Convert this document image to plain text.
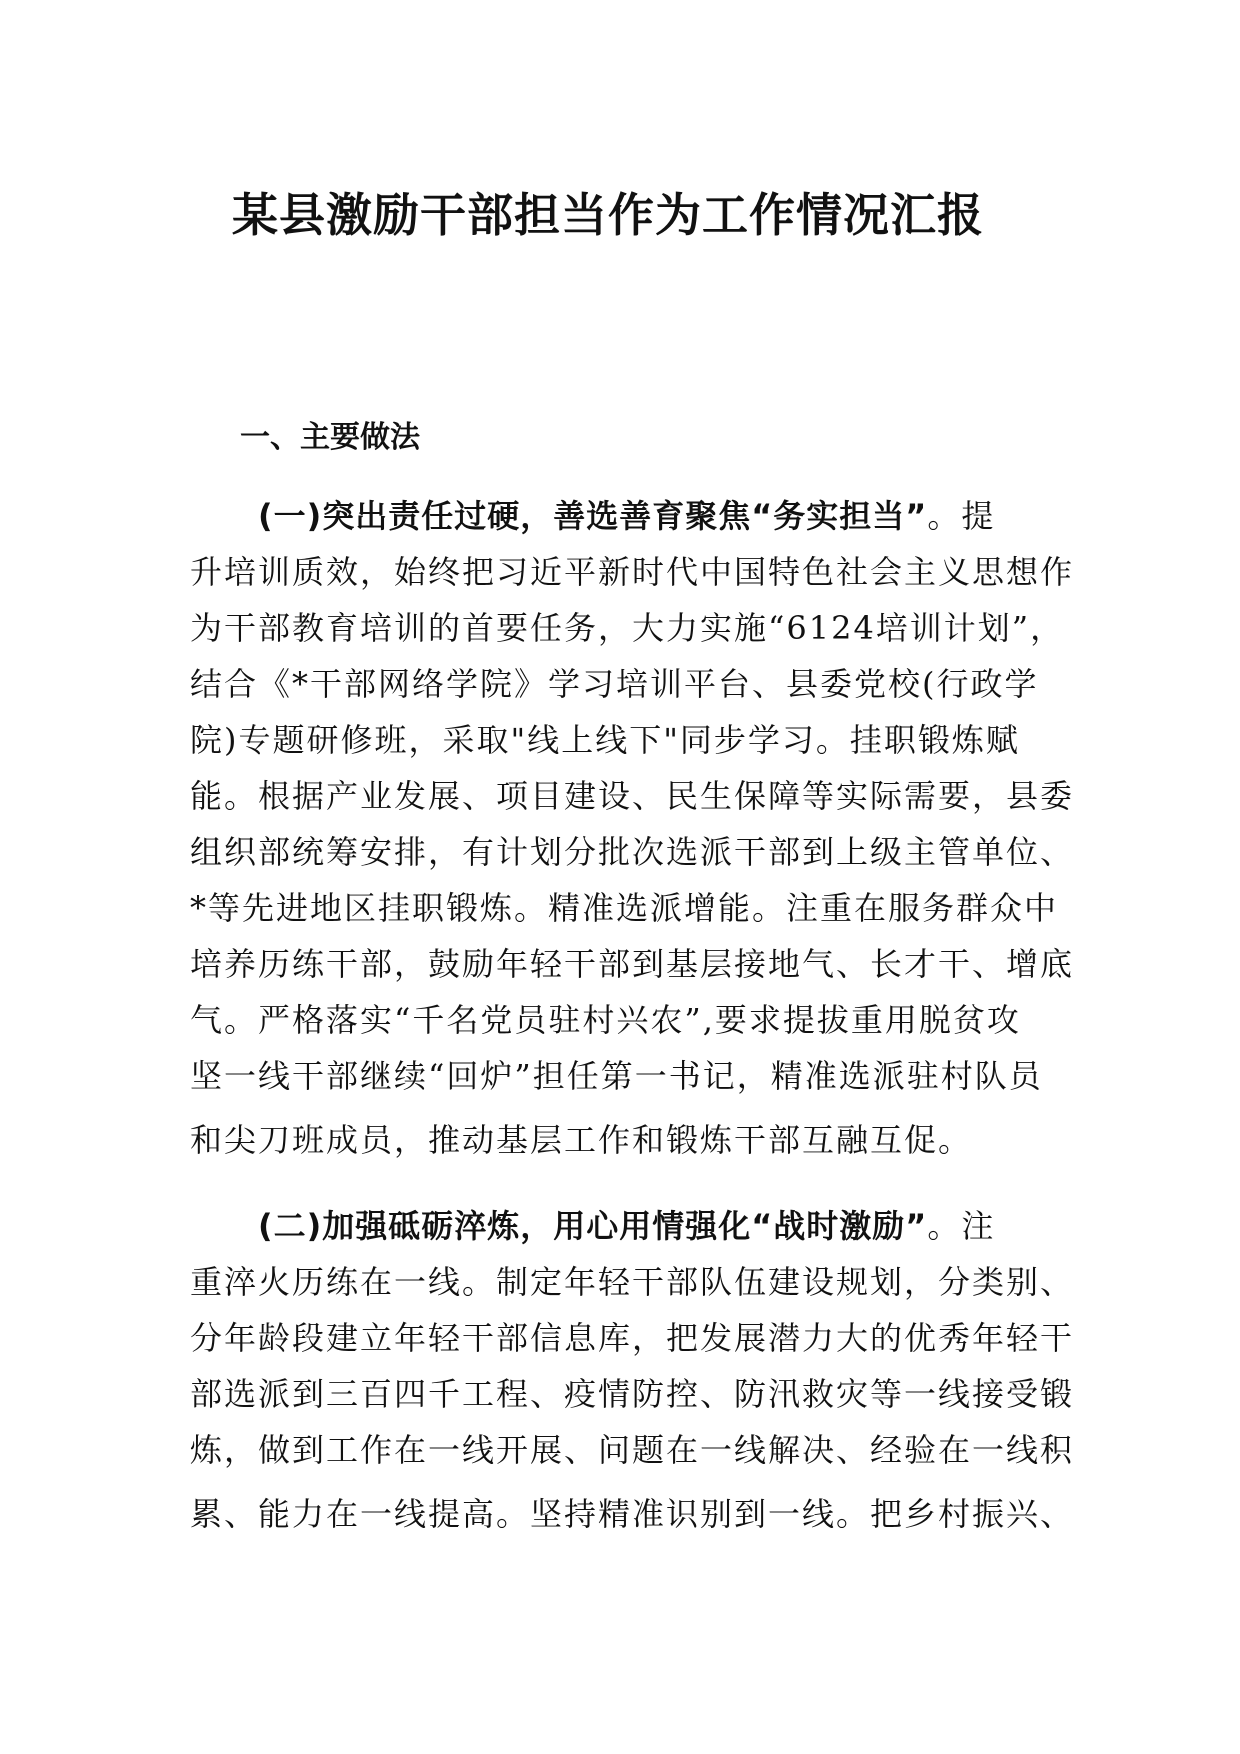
某县激励干部担当作为工作情况汇报
一、主要做法
(一)突出责任过硬，善选善育聚焦“务实担当”。提
升培训质效，始终把习近平新时代中国特色社会主义思想作
为干部教育培训的首要任务，大力实施“6124培训计划”，
结合《*干部网络学院》学习培训平台、县委党校(行政学
院)专题研修班，采取"线上线下"同步学习。挂职锻炼赋
能。根据产业发展、项目建设、民生保障等实际需要，县委
组织部统筹安排，有计划分批次选派干部到上级主管单位、
*等先进地区挂职锻炼。精准选派增能。注重在服务群众中
培养历练干部，鼓励年轻干部到基层接地气、长才干、增底
气。严格落实“千名党员驻村兴农”,要求提拔重用脱贫攻
坚一线干部继续“回炉”担任第一书记，精准选派驻村队员
和尖刀班成员，推动基层工作和锻炼干部互融互促。
(二)加强砥砺淬炼，用心用情强化“战时激励”。注
重淬火历练在一线。制定年轻干部队伍建设规划，分类别、
分年龄段建立年轻干部信息库，把发展潜力大的优秀年轻干
部选派到三百四千工程、疫情防控、防汛救灾等一线接受锻
炼，做到工作在一线开展、问题在一线解决、经验在一线积
累、能力在一线提高。坚持精准识别到一线。把乡村振兴、
